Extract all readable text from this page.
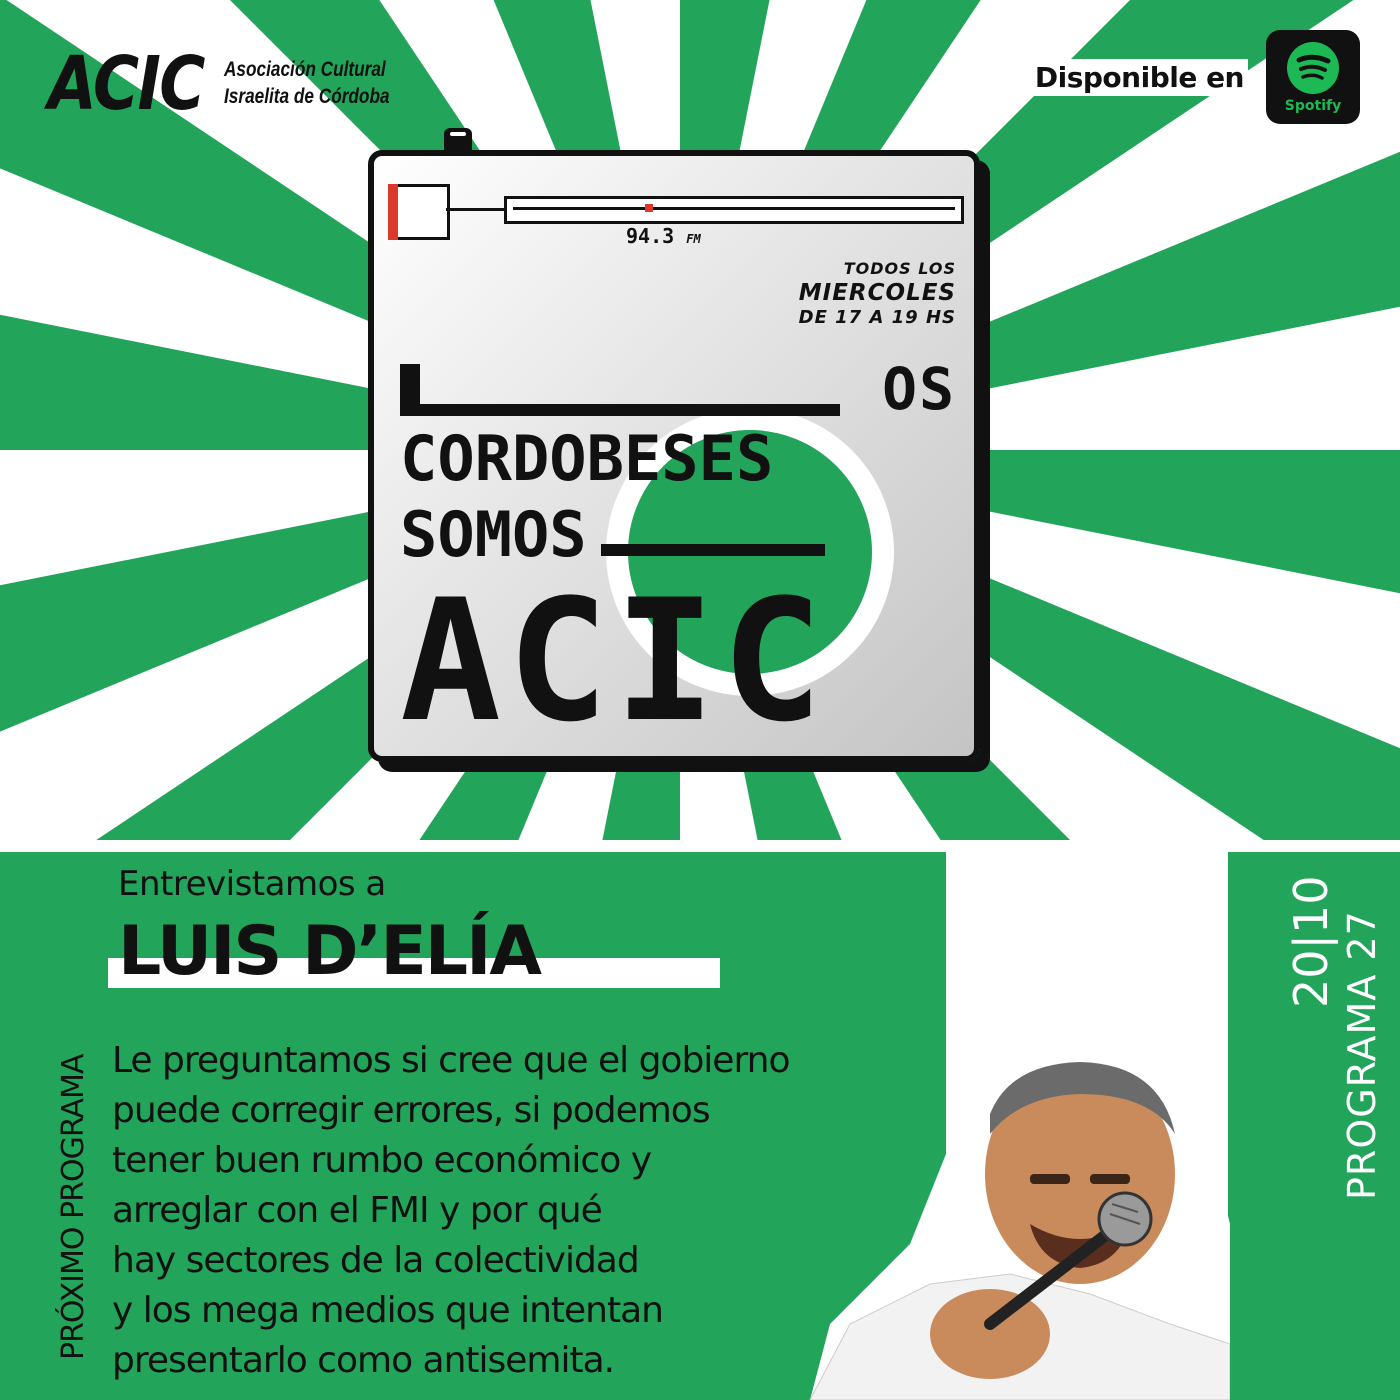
ACIC Asociación Cultural
Israelita de Córdoba
Disponible en
Spotify
94.3 FM
TODOS LOS
MIERCOLES
DE 17 A 19 HS
OS
CORDOBESES
SOMOS
ACIC
PRÓXIMO PROGRAMA
Entrevistamos a
LUIS D’ELÍA
Le preguntamos si cree que el gobierno
puede corregir errores, si podemos
tener buen rumbo económico y
arreglar con el FMI y por qué
hay sectores de la colectividad
y los mega medios que intentan
presentarlo como antisemita.
20|10 PROGRAMA 27
